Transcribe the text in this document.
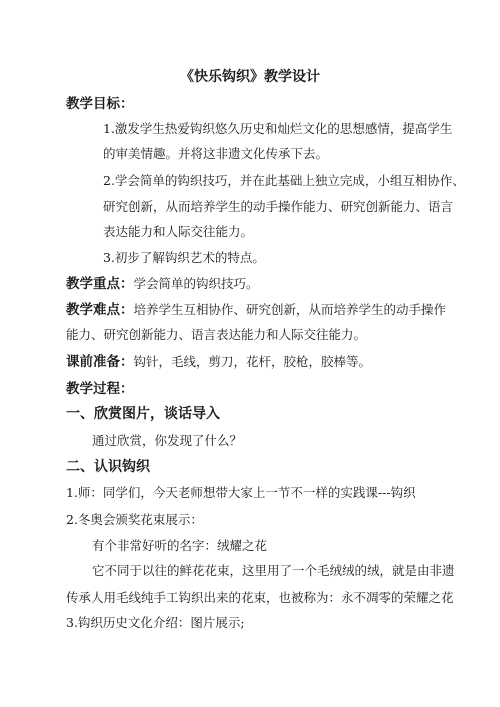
《快乐钩织》教学设计
教学目标：
1.激发学生热爱钩织悠久历史和灿烂文化的思想感情，提高学生
的审美情趣。并将这非遗文化传承下去。
2.学会简单的钩织技巧，并在此基础上独立完成，小组互相协作、
研究创新，从而培养学生的动手操作能力、研究创新能力、语言
表达能力和人际交往能力。
3.初步了解钩织艺术的特点。
教学重点：学会简单的钩织技巧。
教学难点：培养学生互相协作、研究创新，从而培养学生的动手操作
能力、研究创新能力、语言表达能力和人际交往能力。
课前准备：钩针，毛线，剪刀，花杆，胶枪，胶棒等。
教学过程：
一、欣赏图片，谈话导入
通过欣赏，你发现了什么？
二、认识钩织
1.师：同学们，今天老师想带大家上一节不一样的实践课---钩织
2.冬奥会颁奖花束展示：
有个非常好听的名字：绒耀之花
它不同于以往的鲜花花束，这里用了一个毛绒绒的绒，就是由非遗
传承人用毛线纯手工钩织出来的花束，也被称为：永不凋零的荣耀之花
3.钩织历史文化介绍：图片展示;
